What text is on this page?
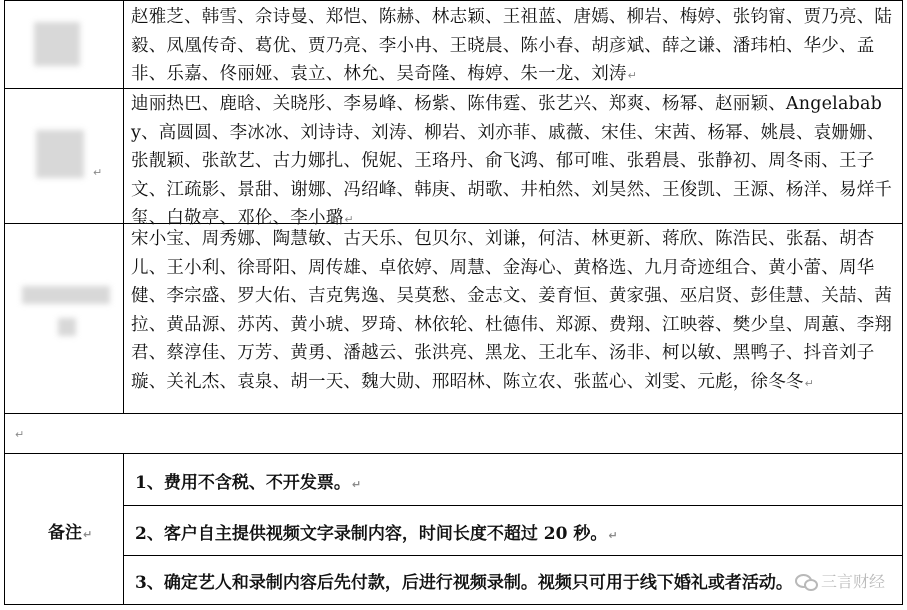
↵
赵雅芝、韩雪、佘诗曼、郑恺、陈赫、林志颖、王祖蓝、唐嫣、柳岩、梅婷、张钧甯、贾乃亮、陆毅、凤凰传奇、葛优、贾乃亮、李小冉、王晓晨、陈小春、胡彦斌、薛之谦、潘玮柏、华少、孟非、乐嘉、佟丽娅、袁立、林允、吴奇隆、梅婷、朱一龙、刘涛↵
迪丽热巴、鹿晗、关晓彤、李易峰、杨紫、陈伟霆、张艺兴、郑爽、杨幂、赵丽颖、Angelababy、高圆圆、李冰冰、刘诗诗、刘涛、柳岩、刘亦菲、戚薇、宋佳、宋茜、杨幂、姚晨、袁姗姗、张靓颖、张歆艺、古力娜扎、倪妮、王珞丹、俞飞鸿、郁可唯、张碧晨、张静初、周冬雨、王子文、江疏影、景甜、谢娜、冯绍峰、韩庚、胡歌、井柏然、刘昊然、王俊凯、王源、杨洋、易烊千玺、白敬亭、邓伦、李小璐↵
宋小宝、周秀娜、陶慧敏、古天乐、包贝尔、刘谦，何洁、林更新、蒋欣、陈浩民、张磊、胡杏儿、王小利、徐哥阳、周传雄、卓依婷、周慧、金海心、黄格选、九月奇迹组合、黄小蕾、周华健、李宗盛、罗大佑、吉克隽逸、吴莫愁、金志文、姜育恒、黄家强、巫启贤、彭佳慧、关喆、茜拉、黄品源、苏芮、黄小琥、罗琦、林依轮、杜德伟、郑源、费翔、江映蓉、樊少皇、周蕙、李翔君、蔡淳佳、万芳、黄勇、潘越云、张洪亮、黑龙、王北车、汤非、柯以敏、黑鸭子、抖音刘子璇、关礼杰、袁泉、胡一天、魏大勋、邢昭林、陈立农、张蓝心、刘雯、元彪，徐冬冬↵
↵
备注↵
1、费用不含税、不开发票。↵
2、客户自主提供视频文字录制内容，时间长度不超过 20 秒。↵
3、确定艺人和录制内容后先付款，后进行视频录制。视频只可用于线下婚礼或者活动。 三言财经
